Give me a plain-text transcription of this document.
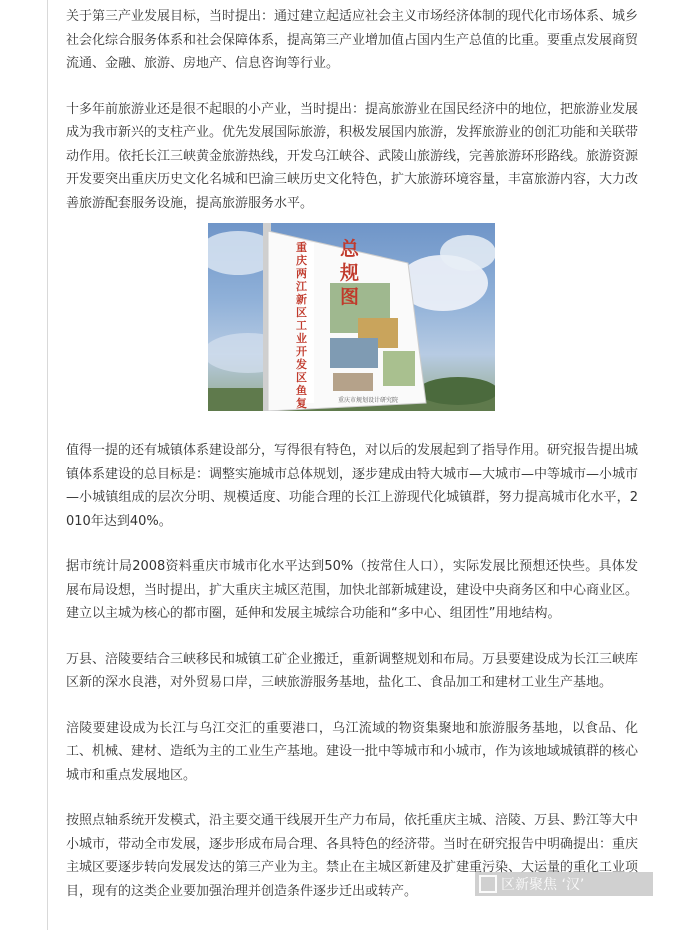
关于第三产业发展目标，当时提出：通过建立起适应社会主义市场经济体制的现代化市场体系、城乡社会化综合服务体系和社会保障体系，提高第三产业增加值占国内生产总值的比重。要重点发展商贸流通、金融、旅游、房地产、信息咨询等行业。

十多年前旅游业还是很不起眼的小产业，当时提出：提高旅游业在国民经济中的地位，把旅游业发展成为我市新兴的支柱产业。优先发展国际旅游，积极发展国内旅游，发挥旅游业的创汇功能和关联带动作用。依托长江三峡黄金旅游热线，开发乌江峡谷、武陵山旅游线，完善旅游环形路线。旅游资源开发要突出重庆历史文化名城和巴渝三峡历史文化特色，扩大旅游环境容量，丰富旅游内容，大力改善旅游配套服务设施，提高旅游服务水平。

重庆两江新区工业开发区鱼复
总规图
重庆市规划设计研究院

值得一提的还有城镇体系建设部分，写得很有特色，对以后的发展起到了指导作用。研究报告提出城镇体系建设的总目标是：调整实施城市总体规划，逐步建成由特大城市—大城市—中等城市—小城市—小城镇组成的层次分明、规模适度、功能合理的长江上游现代化城镇群，努力提高城市化水平，2010年达到40%。

据市统计局2008资料重庆市城市化水平达到50%（按常住人口），实际发展比预想还快些。具体发展布局设想，当时提出，扩大重庆主城区范围，加快北部新城建设，建设中央商务区和中心商业区。建立以主城为核心的都市圈，延伸和发展主城综合功能和“多中心、组团性”用地结构。

万县、涪陵要结合三峡移民和城镇工矿企业搬迁，重新调整规划和布局。万县要建设成为长江三峡库区新的深水良港，对外贸易口岸，三峡旅游服务基地，盐化工、食品加工和建材工业生产基地。

涪陵要建设成为长江与乌江交汇的重要港口，乌江流域的物资集聚地和旅游服务基地，以食品、化工、机械、建材、造纸为主的工业生产基地。建设一批中等城市和小城市，作为该地域城镇群的核心城市和重点发展地区。

按照点轴系统开发模式，沿主要交通干线展开生产力布局，依托重庆主城、涪陵、万县、黔江等大中小城市，带动全市发展，逐步形成布局合理、各具特色的经济带。当时在研究报告中明确提出：重庆主城区要逐步转向发展发达的第三产业为主。禁止在主城区新建及扩建重污染、大运量的重化工业项目，现有的这类企业要加强治理并创造条件逐步迁出或转产。	区新聚焦 ‘汉’
